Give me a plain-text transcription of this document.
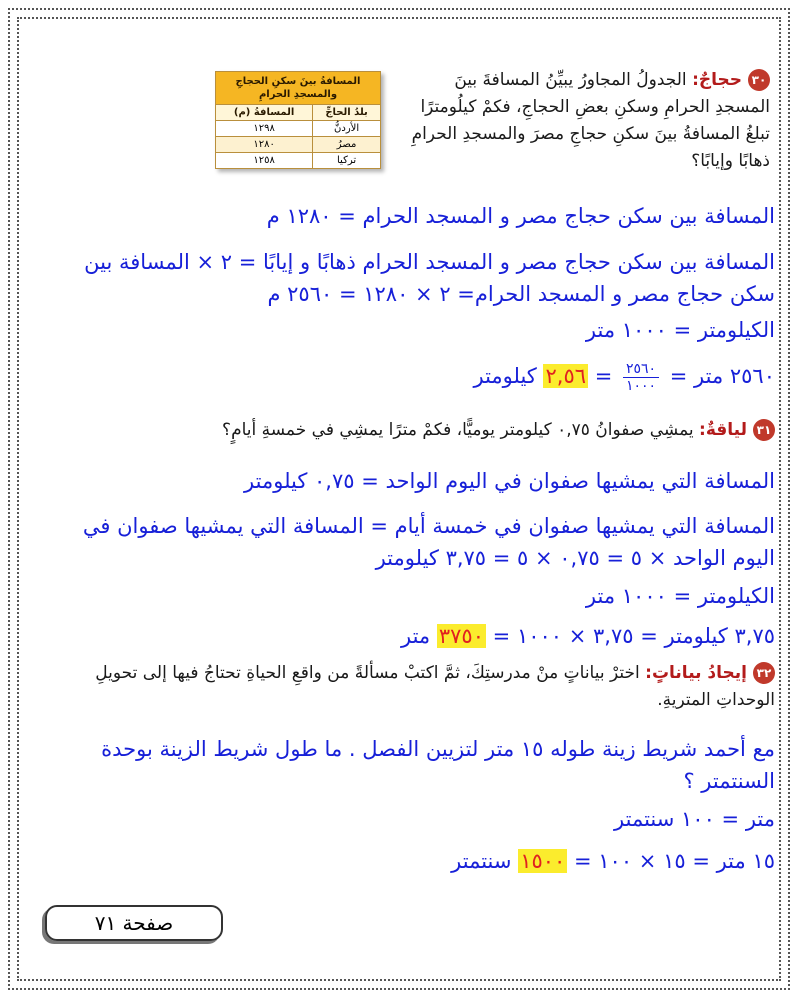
٣٠حجاجٌ: الجدولُ المجاورُ يبيِّنُ المسافةَ بينَ المسجدِ الحرامِ وسكنِ بعضِ الحجاجِ، فكمْ كيلُومترًا تبلغُ المسافةُ بينَ سكنِ حجاجِ مصرَ والمسجدِ الحرامِ ذهابًا وإيابًا؟
المسافةُ بينَ سكنِ الحجاجِ والمسجدِ الحرامِ	
بلدُ الحاجِّ	المسافةُ (م)
الأردنُّ	١٢٩٨
مصرُ	١٢٨٠
تركيا	١٢٥٨
المسافة بين سكن حجاج مصر و المسجد الحرام = ١٢٨٠ م
المسافة بين سكن حجاج مصر و المسجد الحرام ذهابًا و إيابًا = ٢ × المسافة بين سكن حجاج مصر و المسجد الحرام= ٢ × ١٢٨٠ = ٢٥٦٠ م
الكيلومتر = ١٠٠٠ متر
٢٥٦٠ متر =
$\frac{٢٥٦٠}{١٠٠٠}$
= ٢,٥٦ كيلومتر
٣١لياقةٌ: يمشِي صفوانُ ٠,٧٥ كيلومتر يوميًّا، فكمْ مترًا يمشِي في خمسةِ أيامٍ؟
المسافة التي يمشيها صفوان في اليوم الواحد = ٠,٧٥ كيلومتر
المسافة التي يمشيها صفوان في خمسة أيام = المسافة التي يمشيها صفوان في اليوم الواحد × ٥ = ٠,٧٥ × ٥ = ٣,٧٥ كيلومتر
الكيلومتر = ١٠٠٠ متر
٣,٧٥ كيلومتر = ٣,٧٥ × ١٠٠٠ = ٣٧٥٠ متر
٣٢إيجادُ بياناتٍ: اخترْ بياناتٍ منْ مدرستِكَ، ثمَّ اكتبْ مسألةً من واقعِ الحياةِ تحتاجُ فيها إلى تحويلِ الوحداتِ المتريةِ.
مع أحمد شريط زينة طوله ١٥ متر لتزيين الفصل . ما طول شريط الزينة بوحدة السنتمتر ؟
متر = ١٠٠ سنتمتر
١٥ متر = ١٥ × ١٠٠ = ١٥٠٠ سنتمتر
صفحة ٧١
